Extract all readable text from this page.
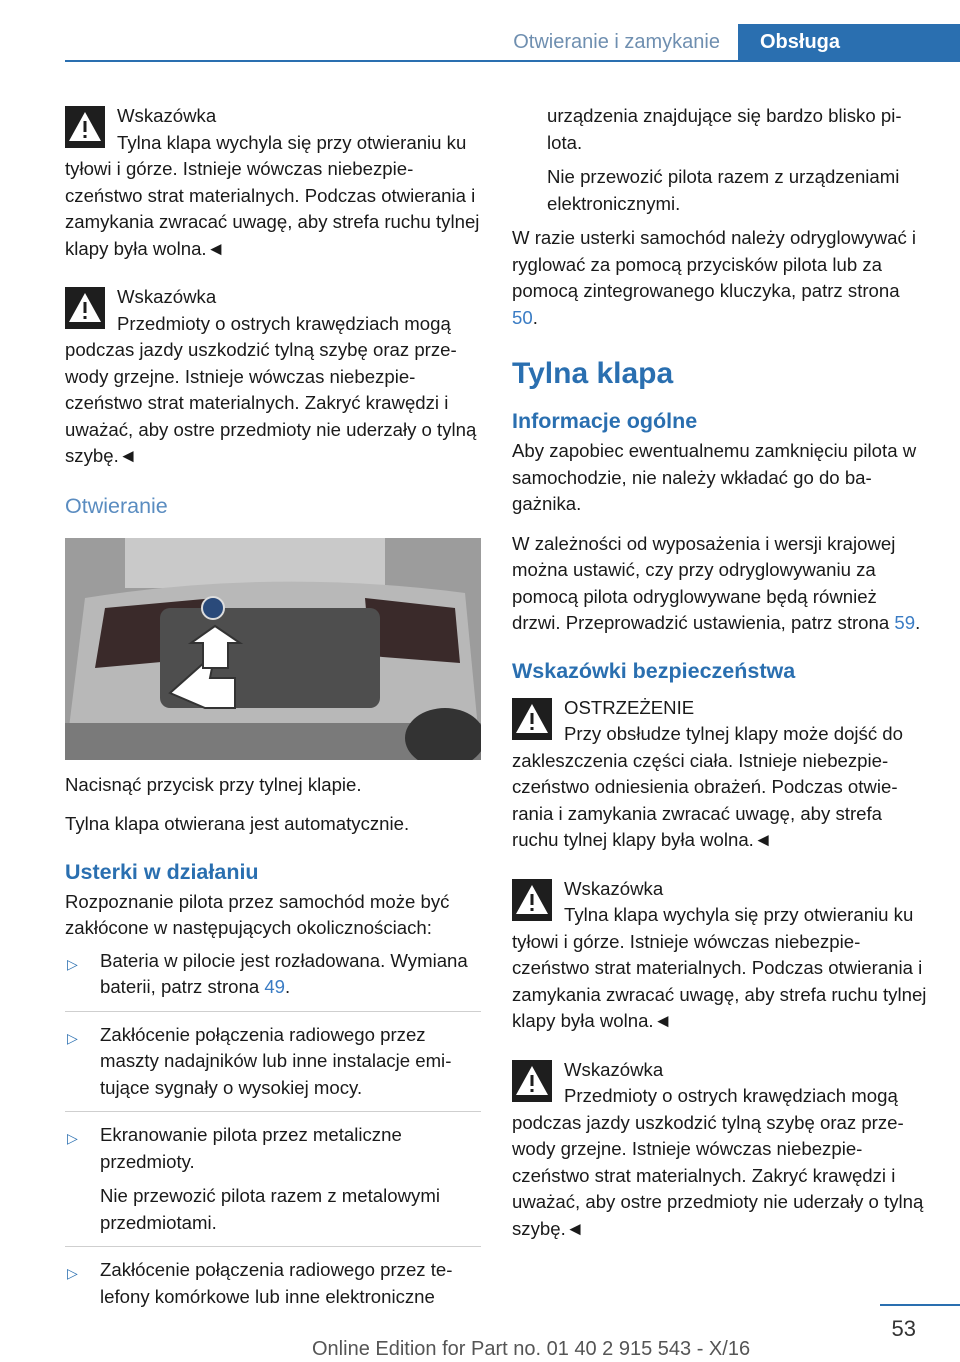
Otwieranie i zamykanie	Obsługa
Wskazówka
Tylna klapa wychyla się przy otwieraniu ku tyłowi i górze. Istnieje wówczas niebezpieczeństwo strat materialnych. Podczas otwierania i zamykania zwracać uwagę, aby strefa ruchu tylnej klapy była wolna.◄
Wskazówka
Przedmioty o ostrych krawędziach mogą podczas jazdy uszkodzić tylną szybę oraz przewody grzejne. Istnieje wówczas niebezpieczeństwo strat materialnych. Zakryć krawędzi i uważać, aby ostre przedmioty nie uderzały o tylną szybę.◄
Otwieranie

Nacisnąć przycisk przy tylnej klapie.

Tylna klapa otwierana jest automatycznie.

Usterki w działaniu

Rozpoznanie pilota przez samochód może być zakłócone w następujących okolicznościach:

▷ Bateria w pilocie jest rozładowana. Wymiana baterii, patrz strona 49.
▷ Zakłócenie połączenia radiowego przez maszty nadajników lub inne instalacje emitujące sygnały o wysokiej mocy.
▷ Ekranowanie pilota przez metaliczne przedmioty.

Nie przewozić pilota razem z metalowymi przedmiotami.

▷ Zakłócenie połączenia radiowego przez telefony komórkowe lub inne elektroniczne

urządzenia znajdujące się bardzo blisko pilota.

Nie przewozić pilota razem z urządzeniami elektronicznymi.

W razie usterki samochód należy odryglowywać i ryglować za pomocą przycisków pilota lub za pomocą zintegrowanego kluczyka, patrz strona 50.

Tylna klapa
Informacje ogólne

Aby zapobiec ewentualnemu zamknięciu pilota w samochodzie, nie należy wkładać go do bagażnika.

W zależności od wyposażenia i wersji krajowej można ustawić, czy przy odryglowywaniu za pomocą pilota odryglowywane będą również drzwi. Przeprowadzić ustawienia, patrz strona 59.

Wskazówki bezpieczeństwa
OSTRZEŻENIE
Przy obsłudze tylnej klapy może dojść do zakleszczenia części ciała. Istnieje niebezpieczeństwo odniesienia obrażeń. Podczas otwierania i zamykania zwracać uwagę, aby strefa ruchu tylnej klapy była wolna.◄
Wskazówka
Tylna klapa wychyla się przy otwieraniu ku tyłowi i górze. Istnieje wówczas niebezpieczeństwo strat materialnych. Podczas otwierania i zamykania zwracać uwagę, aby strefa ruchu tylnej klapy była wolna.◄
Wskazówka
Przedmioty o ostrych krawędziach mogą podczas jazdy uszkodzić tylną szybę oraz przewody grzejne. Istnieje wówczas niebezpieczeństwo strat materialnych. Zakryć krawędzi i uważać, aby ostre przedmioty nie uderzały o tylną szybę.◄
53
Online Edition for Part no. 01 40 2 915 543 - X/16
